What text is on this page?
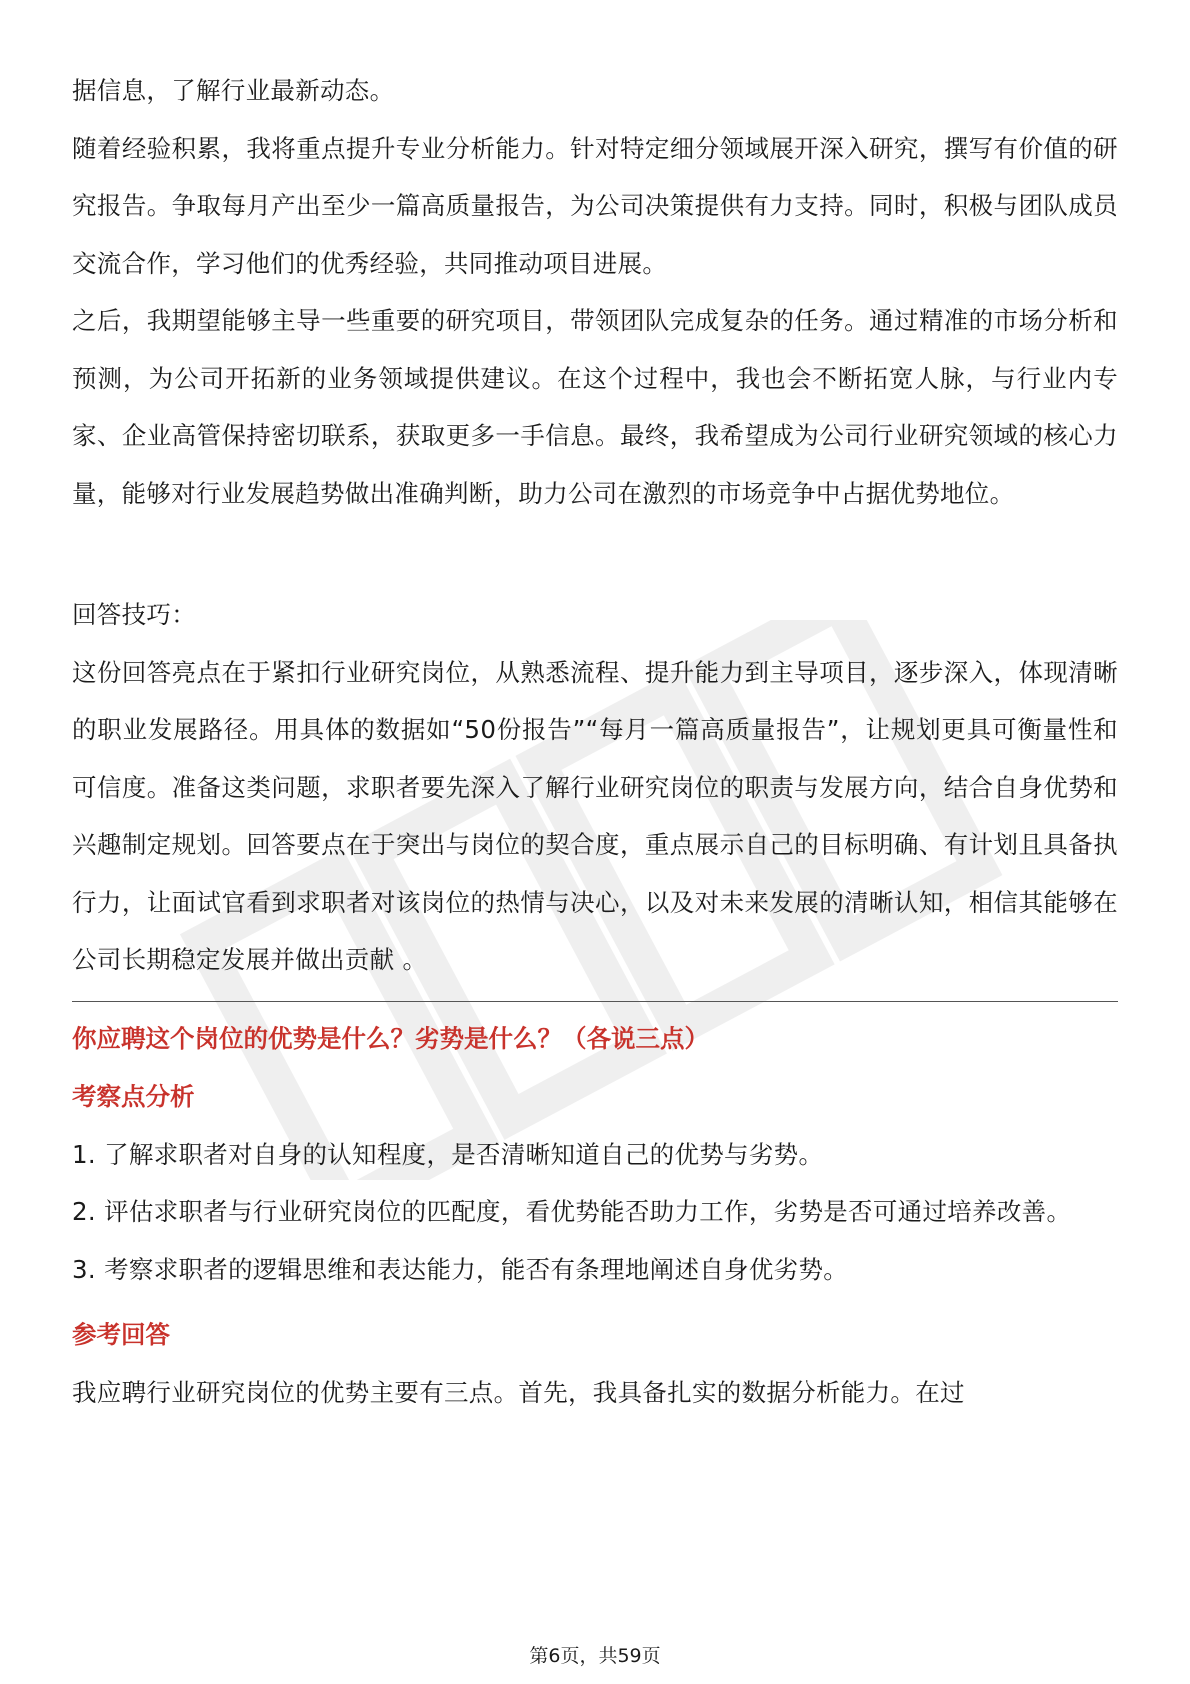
据信息，了解行业最新动态。

随着经验积累，我将重点提升专业分析能力。针对特定细分领域展开深入研究，撰写有价值的研究报告。争取每月产出至少一篇高质量报告，为公司决策提供有力支持。同时，积极与团队成员交流合作，学习他们的优秀经验，共同推动项目进展。

之后，我期望能够主导一些重要的研究项目，带领团队完成复杂的任务。通过精准的市场分析和预测，为公司开拓新的业务领域提供建议。在这个过程中，我也会不断拓宽人脉，与行业内专家、企业高管保持密切联系，获取更多一手信息。最终，我希望成为公司行业研究领域的核心力量，能够对行业发展趋势做出准确判断，助力公司在激烈的市场竞争中占据优势地位。

回答技巧：

这份回答亮点在于紧扣行业研究岗位，从熟悉流程、提升能力到主导项目，逐步深入，体现清晰的职业发展路径。用具体的数据如“50份报告”“每月一篇高质量报告”，让规划更具可衡量性和可信度。准备这类问题，求职者要先深入了解行业研究岗位的职责与发展方向，结合自身优势和兴趣制定规划。回答要点在于突出与岗位的契合度，重点展示自己的目标明确、有计划且具备执行力，让面试官看到求职者对该岗位的热情与决心，以及对未来发展的清晰认知，相信其能够在公司长期稳定发展并做出贡献 。

你应聘这个岗位的优势是什么？劣势是什么？（各说三点）

考察点分析

1. 了解求职者对自身的认知程度，是否清晰知道自己的优势与劣势。

2. 评估求职者与行业研究岗位的匹配度，看优势能否助力工作，劣势是否可通过培养改善。

3. 考察求职者的逻辑思维和表达能力，能否有条理地阐述自身优劣势。

参考回答

我应聘行业研究岗位的优势主要有三点。首先，我具备扎实的数据分析能力。在过

第6页，共59页
